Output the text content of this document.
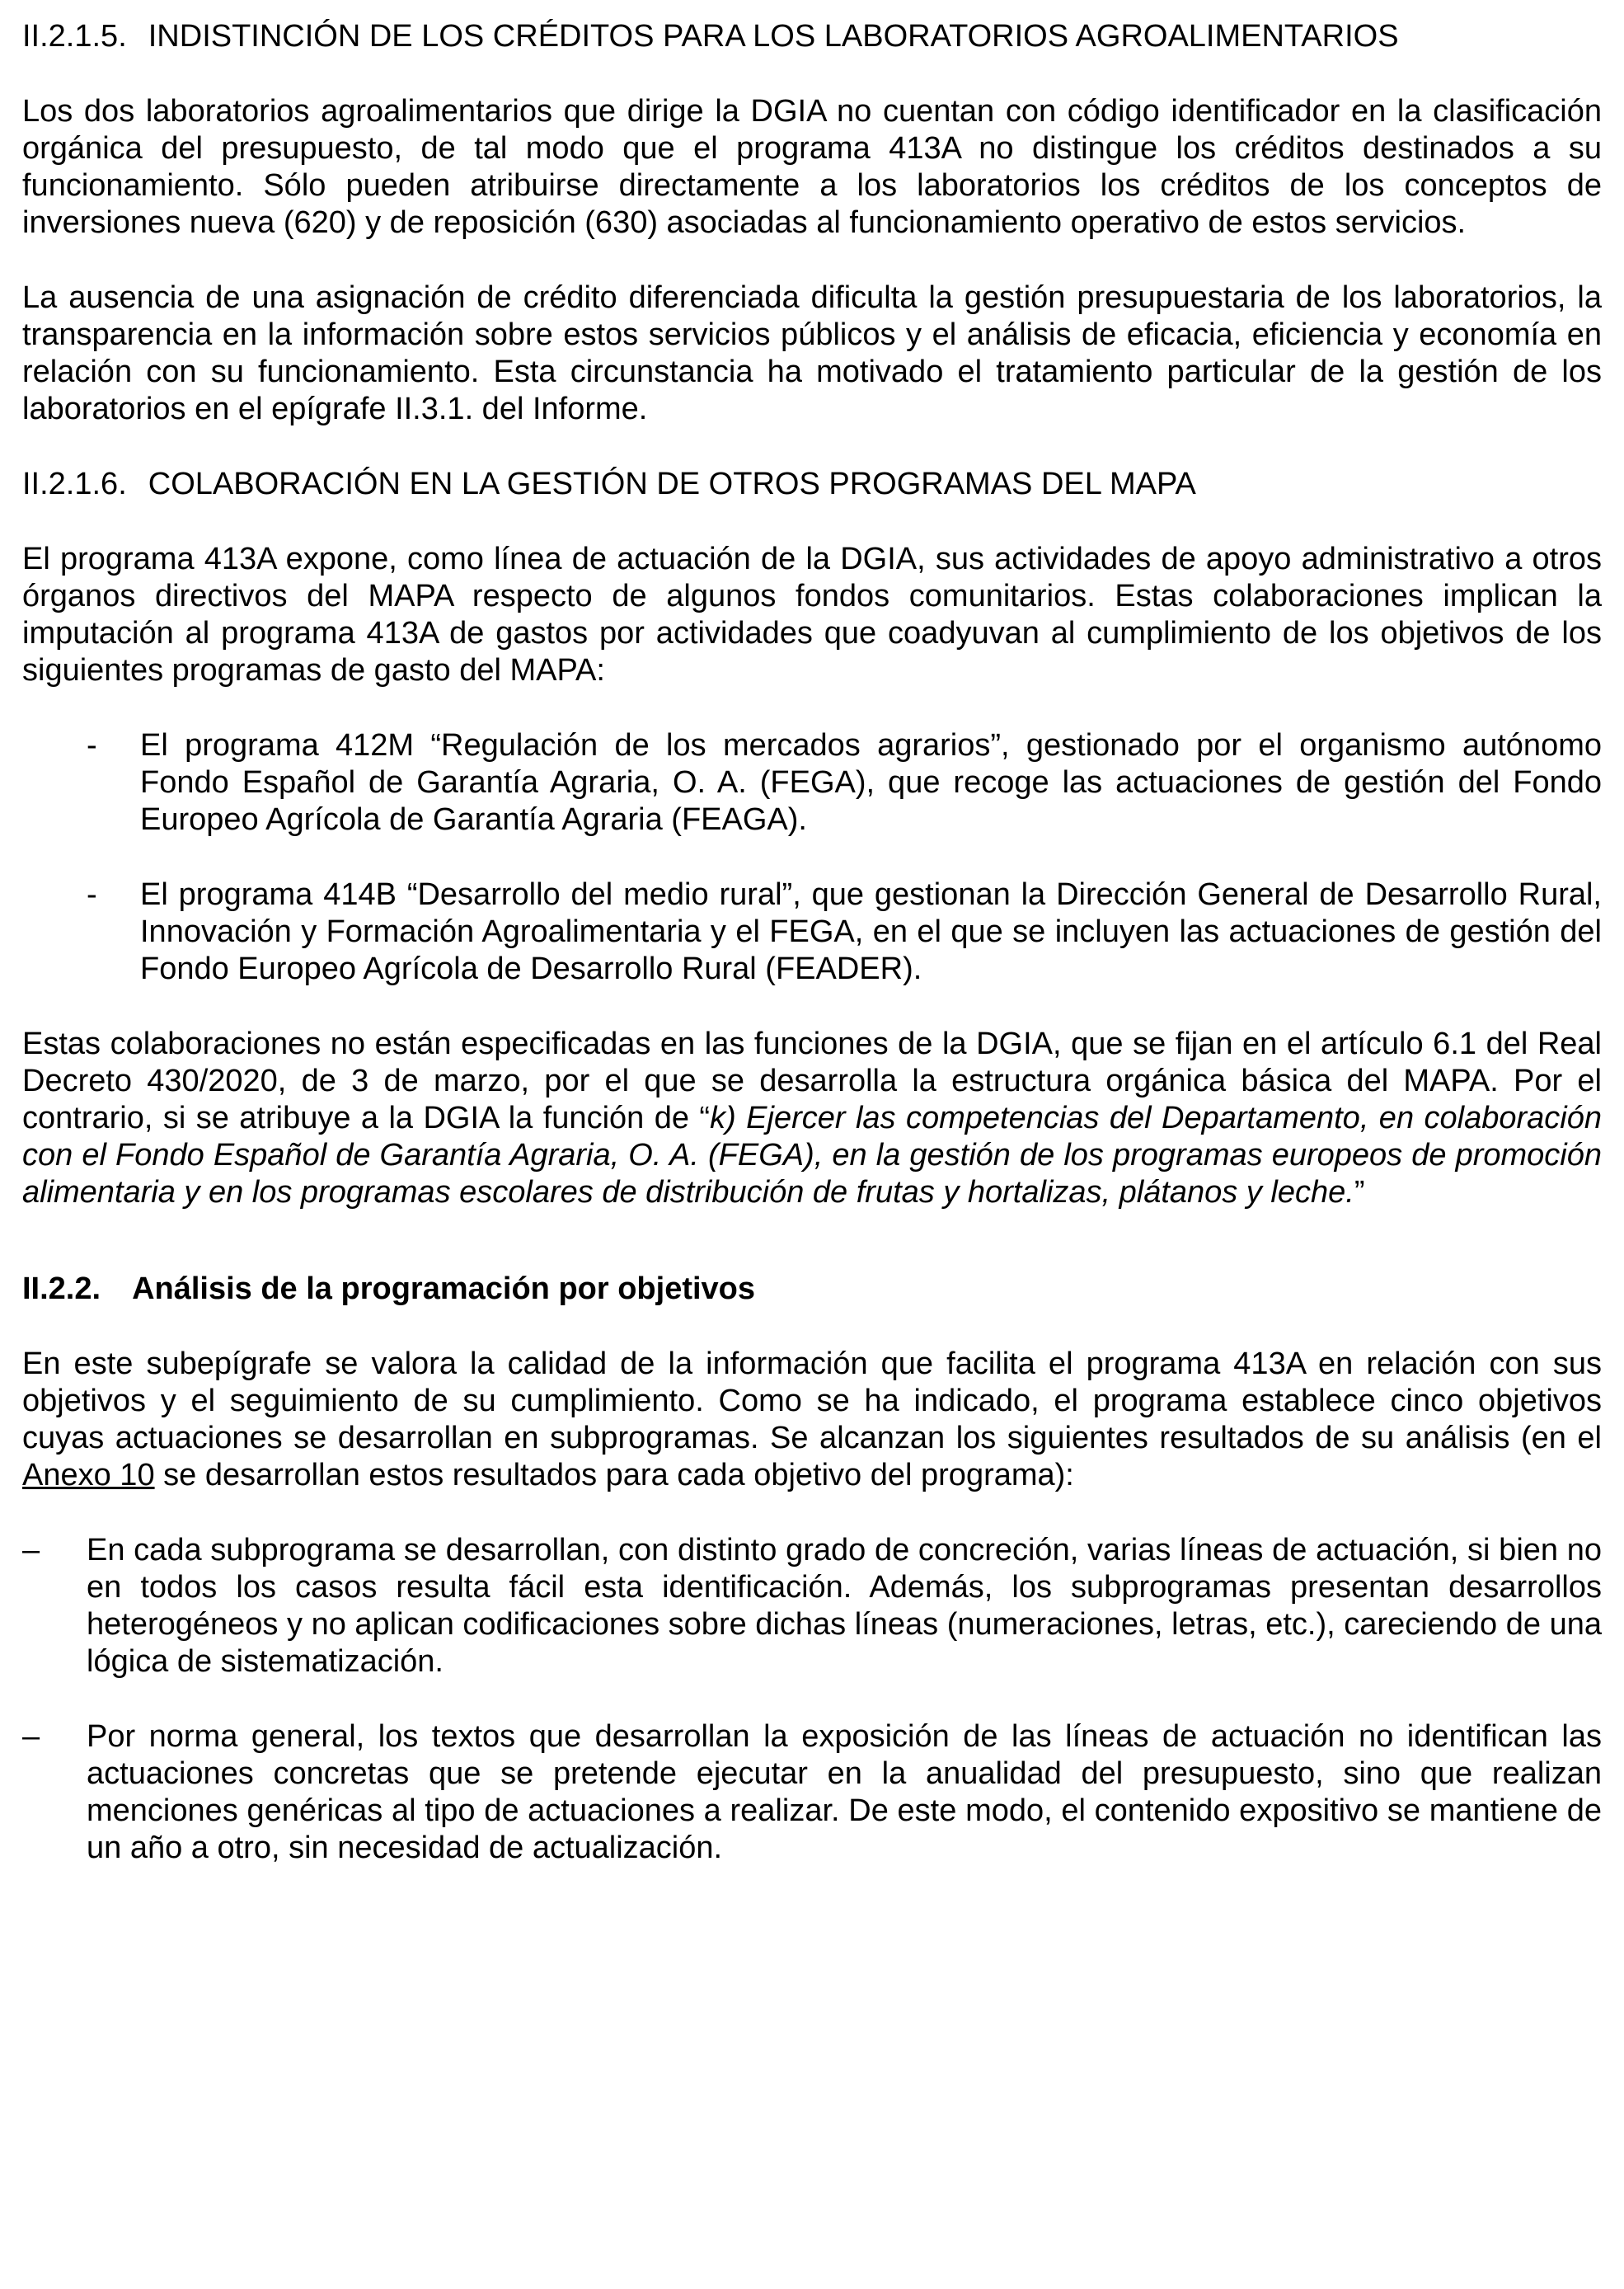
II.2.1.5. INDISTINCIÓN DE LOS CRÉDITOS PARA LOS LABORATORIOS AGROALIMENTARIOS

Los dos laboratorios agroalimentarios que dirige la DGIA no cuentan con código identificador en la clasificación orgánica del presupuesto, de tal modo que el programa 413A no distingue los créditos destinados a su funcionamiento. Sólo pueden atribuirse directamente a los laboratorios los créditos de los conceptos de inversiones nueva (620) y de reposición (630) asociadas al funcionamiento operativo de estos servicios.

La ausencia de una asignación de crédito diferenciada dificulta la gestión presupuestaria de los laboratorios, la transparencia en la información sobre estos servicios públicos y el análisis de eficacia, eficiencia y economía en relación con su funcionamiento. Esta circunstancia ha motivado el tratamiento particular de la gestión de los laboratorios en el epígrafe II.3.1. del Informe.

II.2.1.6. COLABORACIÓN EN LA GESTIÓN DE OTROS PROGRAMAS DEL MAPA

El programa 413A expone, como línea de actuación de la DGIA, sus actividades de apoyo administrativo a otros órganos directivos del MAPA respecto de algunos fondos comunitarios. Estas colaboraciones implican la imputación al programa 413A de gastos por actividades que coadyuvan al cumplimiento de los objetivos de los siguientes programas de gasto del MAPA:

-	El programa 412M “Regulación de los mercados agrarios”, gestionado por el organismo autónomo Fondo Español de Garantía Agraria, O. A. (FEGA), que recoge las actuaciones de gestión del Fondo Europeo Agrícola de Garantía Agraria (FEAGA).
-	El programa 414B “Desarrollo del medio rural”, que gestionan la Dirección General de Desarrollo Rural, Innovación y Formación Agroalimentaria y el FEGA, en el que se incluyen las actuaciones de gestión del Fondo Europeo Agrícola de Desarrollo Rural (FEADER).

Estas colaboraciones no están especificadas en las funciones de la DGIA, que se fijan en el artículo 6.1 del Real Decreto 430/2020, de 3 de marzo, por el que se desarrolla la estructura orgánica básica del MAPA. Por el contrario, si se atribuye a la DGIA la función de “k) Ejercer las competencias del Departamento, en colaboración con el Fondo Español de Garantía Agraria, O. A. (FEGA), en la gestión de los programas europeos de promoción alimentaria y en los programas escolares de distribución de frutas y hortalizas, plátanos y leche.”

II.2.2. Análisis de la programación por objetivos

En este subepígrafe se valora la calidad de la información que facilita el programa 413A en relación con sus objetivos y el seguimiento de su cumplimiento. Como se ha indicado, el programa establece cinco objetivos cuyas actuaciones se desarrollan en subprogramas. Se alcanzan los siguientes resultados de su análisis (en el Anexo 10 se desarrollan estos resultados para cada objetivo del programa):

–	En cada subprograma se desarrollan, con distinto grado de concreción, varias líneas de actuación, si bien no en todos los casos resulta fácil esta identificación. Además, los subprogramas presentan desarrollos heterogéneos y no aplican codificaciones sobre dichas líneas (numeraciones, letras, etc.), careciendo de una lógica de sistematización.
–	Por norma general, los textos que desarrollan la exposición de las líneas de actuación no identifican las actuaciones concretas que se pretende ejecutar en la anualidad del presupuesto, sino que realizan menciones genéricas al tipo de actuaciones a realizar. De este modo, el contenido expositivo se mantiene de un año a otro, sin necesidad de actualización.
